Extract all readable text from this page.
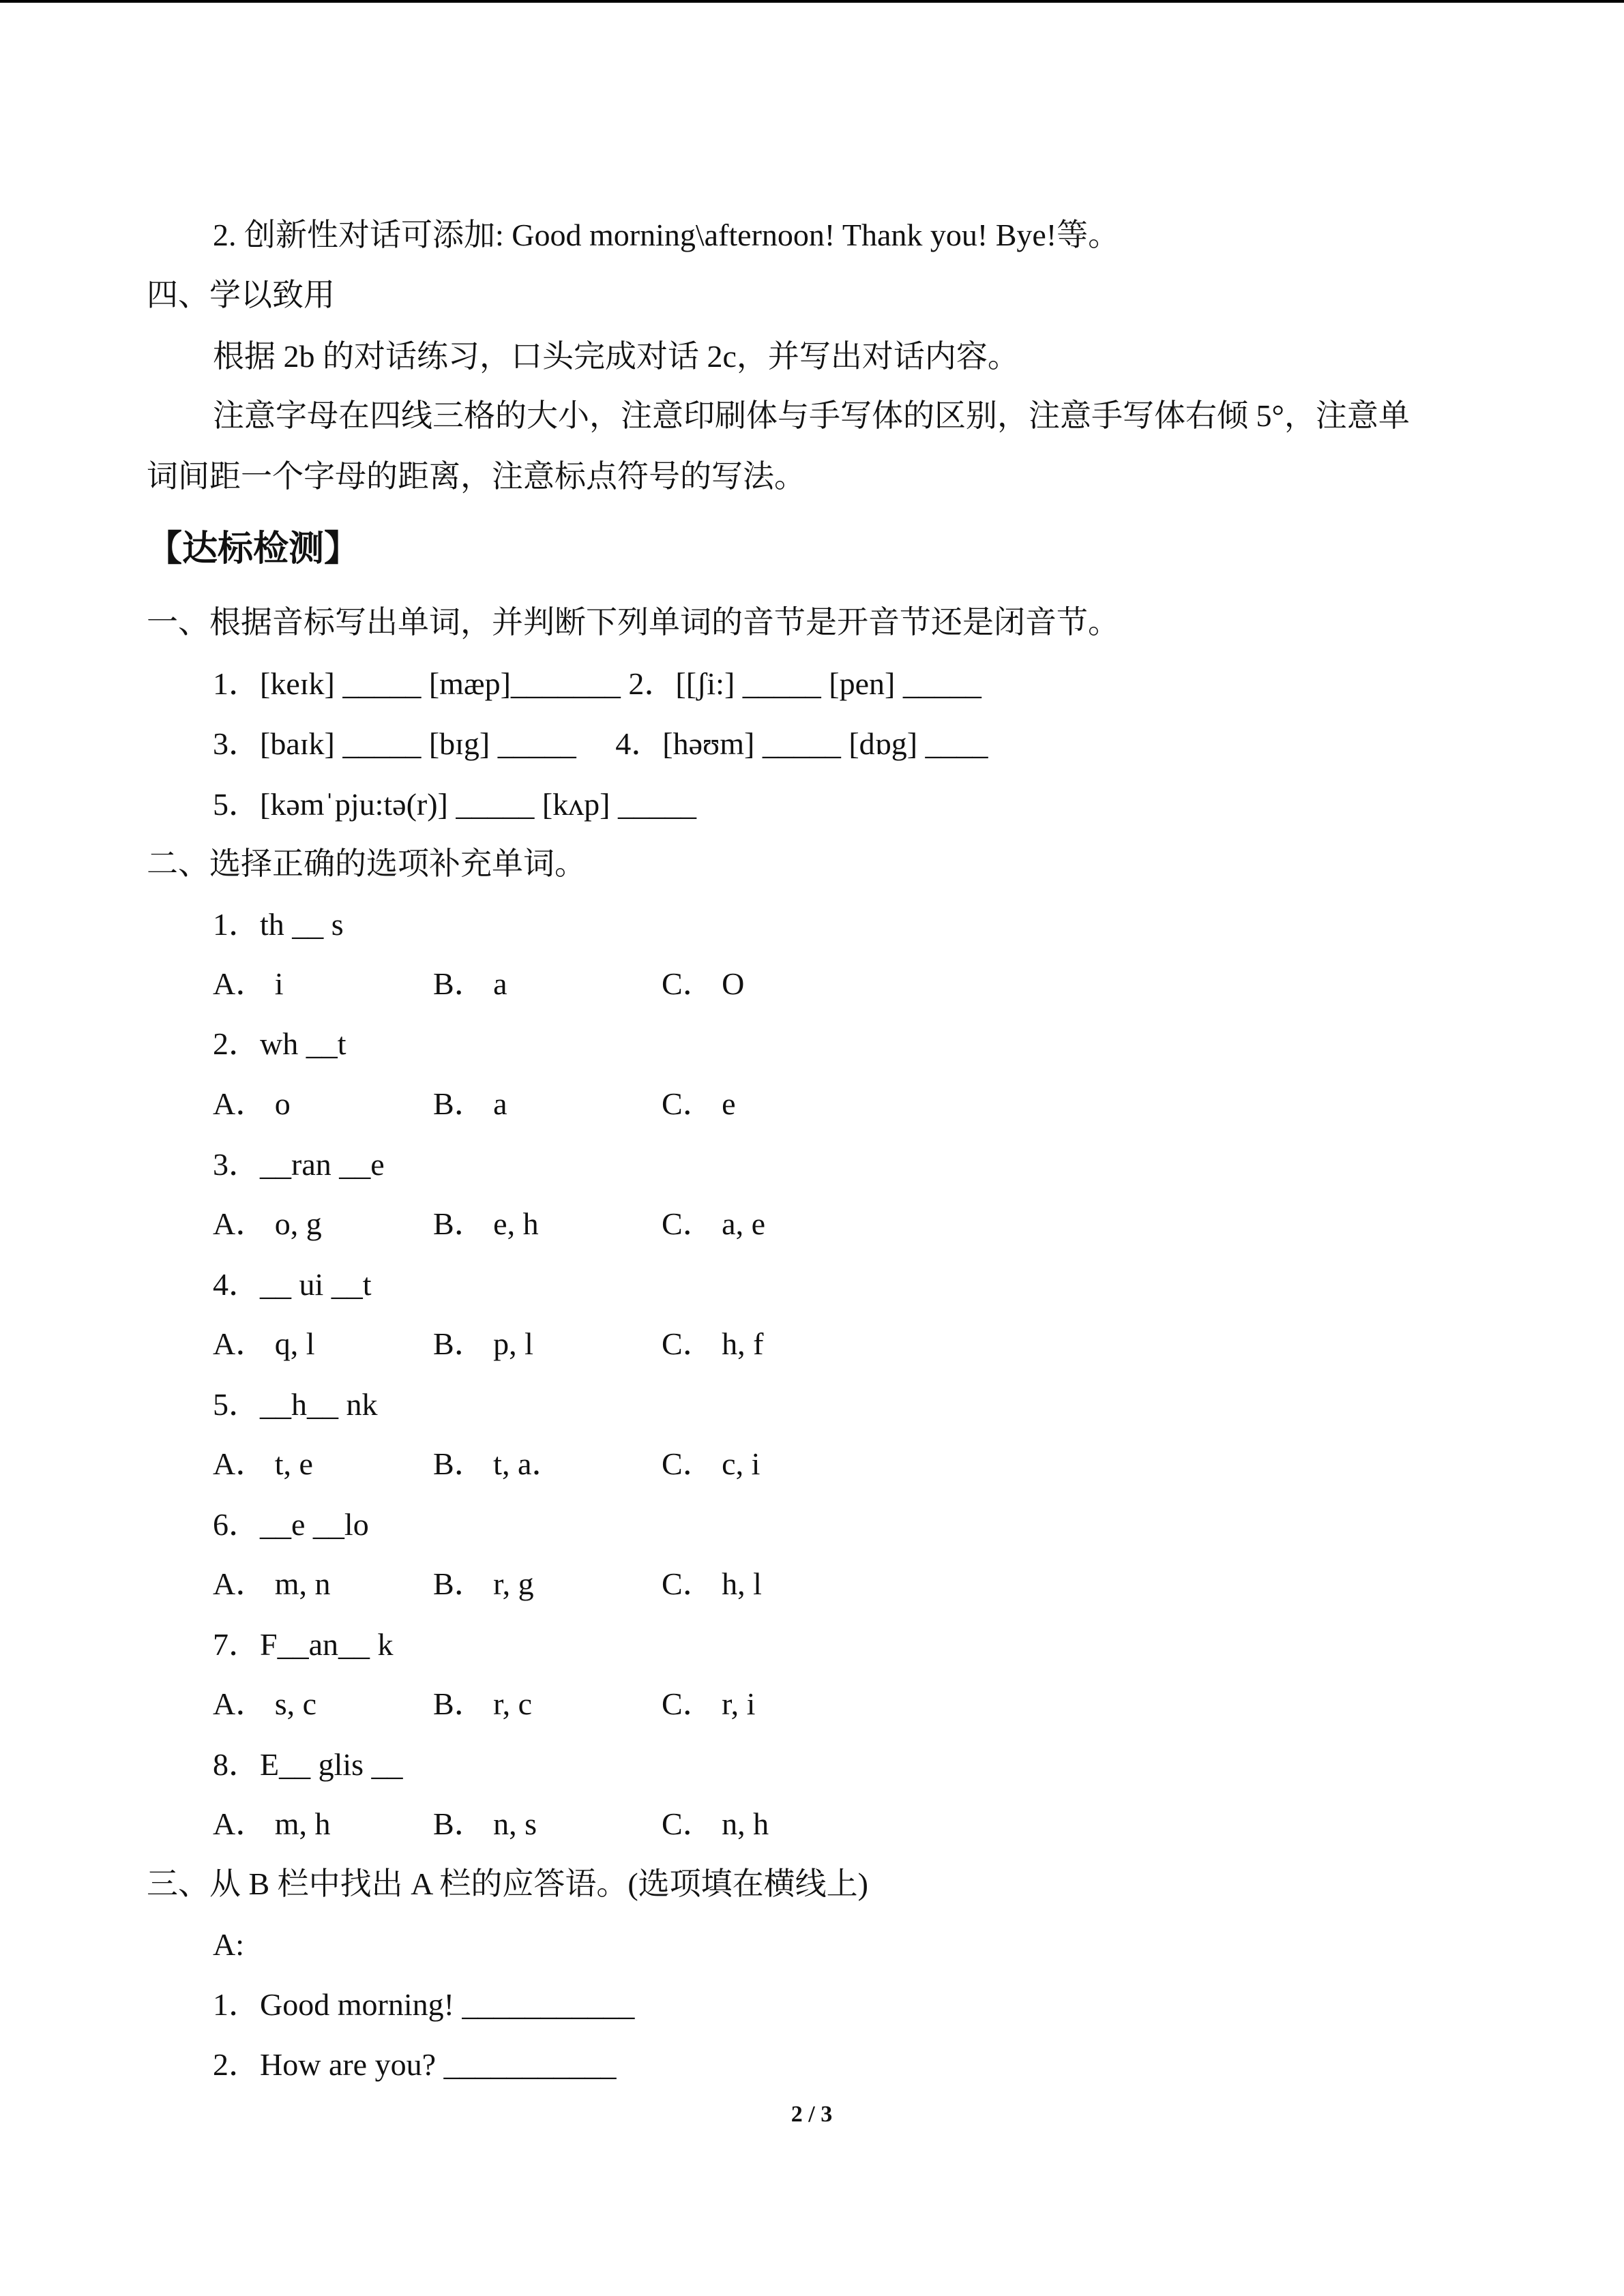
2. 创新性对话可添加: Good morning\afternoon! Thank you! Bye!等。
四、学以致用
根据 2b 的对话练习，口头完成对话 2c，并写出对话内容。
注意字母在四线三格的大小，注意印刷体与手写体的区别，注意手写体右倾 5°，注意单
词间距一个字母的距离，注意标点符号的写法。
【达标检测】
一、根据音标写出单词，并判断下列单词的音节是开音节还是闭音节。
1．[keɪk] _____ [mæp]_______ 2．[[ʃi:] _____ [pen] _____
3．[baɪk] _____ [bɪg] _____     4．[həʊm] _____ [dɒg] ____
5．[kəmˈpju:tə(r)] _____ [kʌp] _____
二、选择正确的选项补充单词。
1．th __ s
A． i	B． a	C． O
2．wh __t
A． o	B． a	C． e
3．__ran __e
A． o, g	B． e, h	C． a, e
4．__ ui __t
A． q, l	B． p, l	C． h, f
5．__h__ nk
A． t, e	B． t, a．	C． c, i
6．__e __lo
A． m, n	B． r, g	C． h, l
7．F__an__ k
A． s, c	B． r, c	C． r, i
8．E__ glis __
A． m, h	B． n, s	C． n, h
三、从 B 栏中找出 A 栏的应答语。(选项填在横线上)
A:
1．Good morning! ___________
2．How are you? ___________
2 / 3
